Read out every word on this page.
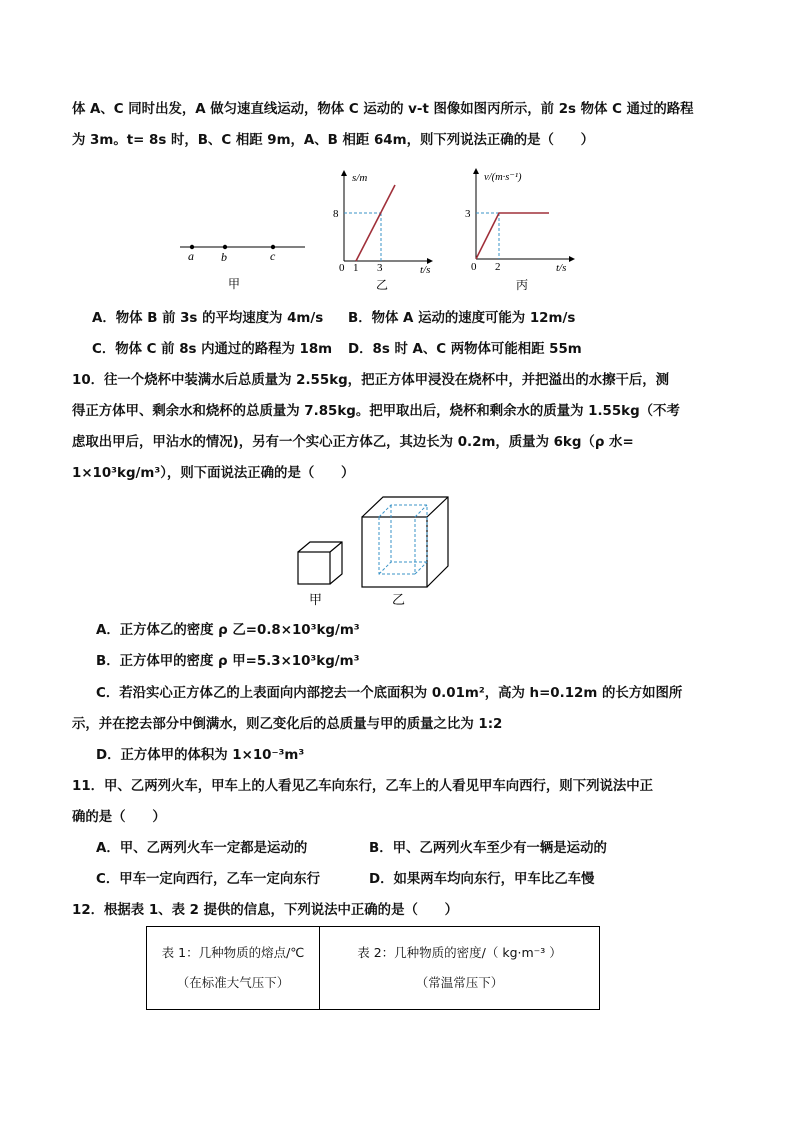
体 A、C 同时出发，A 做匀速直线运动，物体 C 运动的 v-t 图像如图丙所示，前 2s 物体 C 通过的路程
为 3m。t= 8s 时，B、C 相距 9m，A、B 相距 64m，则下列说法正确的是（　　）
a b	c
甲
s/m
t/s
8
0 1 3
乙
v/(m·s⁻¹)
t/s
3
0 2
丙
A．物体 B 前 3s 的平均速度为 4m/s B．物体 A 运动的速度可能为 12m/s
C．物体 C 前 8s 内通过的路程为 18m D．8s 时 A、C 两物体可能相距 55m
10．往一个烧杯中装满水后总质量为 2.55kg，把正方体甲浸没在烧杯中，并把溢出的水擦干后，测
得正方体甲、剩余水和烧杯的总质量为 7.85kg。把甲取出后，烧杯和剩余水的质量为 1.55kg（不考
虑取出甲后，甲沾水的情况)，另有一个实心正方体乙，其边长为 0.2m，质量为 6kg（ρ 水=
1×10³kg/m³），则下面说法正确的是（　　）
甲	乙
A．正方体乙的密度 ρ 乙=0.8×10³kg/m³
B．正方体甲的密度 ρ 甲=5.3×10³kg/m³
C．若沿实心正方体乙的上表面向内部挖去一个底面积为 0.01m²，高为 h=0.12m 的长方如图所
示，并在挖去部分中倒满水，则乙变化后的总质量与甲的质量之比为 1:2
D．正方体甲的体积为 1×10⁻³m³
11．甲、乙两列火车，甲车上的人看见乙车向东行，乙车上的人看见甲车向西行，则下列说法中正
确的是（　　）
A．甲、乙两列火车一定都是运动的	B．甲、乙两列火车至少有一辆是运动的
C．甲车一定向西行，乙车一定向东行	D．如果两车均向东行，甲车比乙车慢
12．根据表 1、表 2 提供的信息，下列说法中正确的是（　　）
表 1：几种物质的熔点/℃
（在标准大气压下）

表 2：几种物质的密度/（ kg·m⁻³ ）
（常温常压下）
